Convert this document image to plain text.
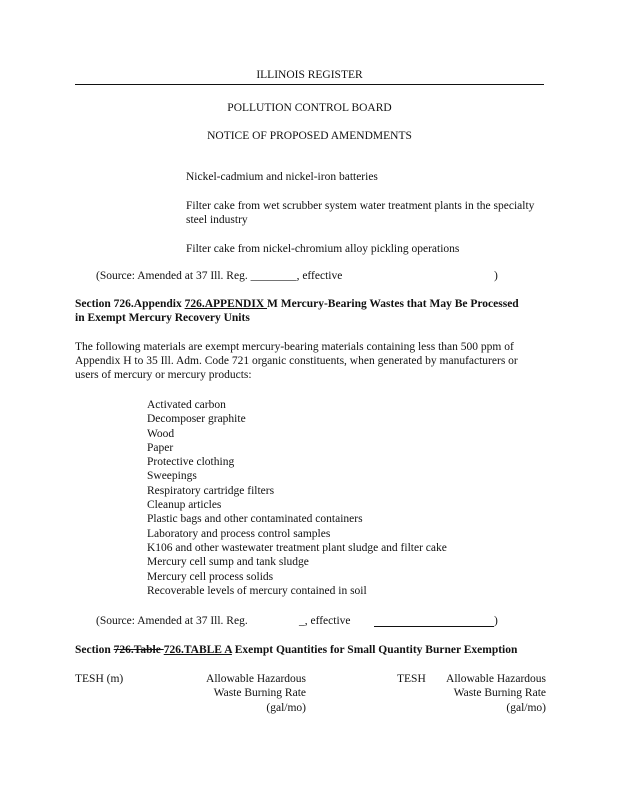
ILLINOIS REGISTER
POLLUTION CONTROL BOARD
NOTICE OF PROPOSED AMENDMENTS
Nickel-cadmium and nickel-iron batteries
Filter cake from wet scrubber system water treatment plants in the specialty
steel industry
Filter cake from nickel-chromium alloy pickling operations
(Source: Amended at 37 Ill. Reg. ________, effective	)
Section 726.Appendix 726.APPENDIX M Mercury-Bearing Wastes that May Be Processed
in Exempt Mercury Recovery Units
The following materials are exempt mercury-bearing materials containing less than 500 ppm of
Appendix H to 35 Ill. Adm. Code 721 organic constituents, when generated by manufacturers or
users of mercury or mercury products:
Activated carbon
Decomposer graphite
Wood
Paper
Protective clothing
Sweepings
Respiratory cartridge filters
Cleanup articles
Plastic bags and other contaminated containers
Laboratory and process control samples
K106 and other wastewater treatment plant sludge and filter cake
Mercury cell sump and tank sludge
Mercury cell process solids
Recoverable levels of mercury contained in soil
(Source: Amended at 37 Ill. Reg.	_, effective	)
Section 726.Table 726.TABLE A Exempt Quantities for Small Quantity Burner Exemption
TESH (m)	Allowable Hazardous
Waste Burning Rate
(gal/mo)
TESH	Allowable Hazardous
Waste Burning Rate
(gal/mo)
